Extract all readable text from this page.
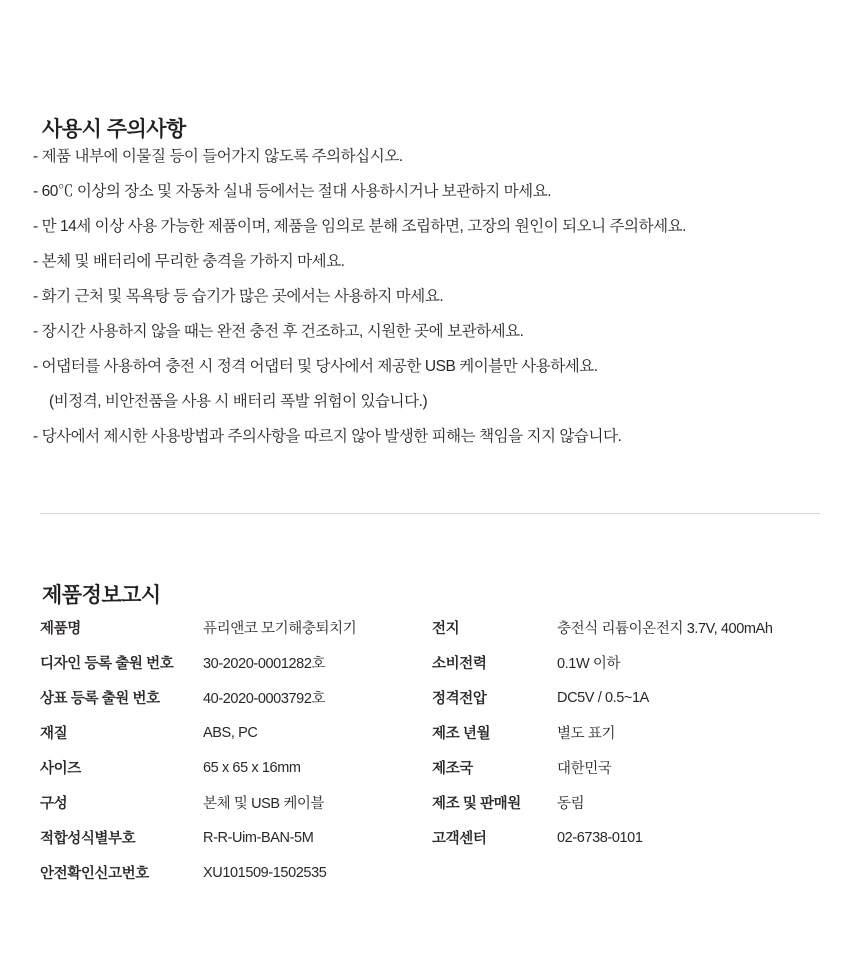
사용시 주의사항
- 제품 내부에 이물질 등이 들어가지 않도록 주의하십시오.
- 60℃ 이상의 장소 및 자동차 실내 등에서는 절대 사용하시거나 보관하지 마세요.
- 만 14세 이상 사용 가능한 제품이며, 제품을 임의로 분해 조립하면, 고장의 원인이 되오니 주의하세요.
- 본체 및 배터리에 무리한 충격을 가하지 마세요.
- 화기 근처 및 목욕탕 등 습기가 많은 곳에서는 사용하지 마세요.
- 장시간 사용하지 않을 때는 완전 충전 후 건조하고, 시원한 곳에 보관하세요.
- 어댑터를 사용하여 충전 시 정격 어댑터 및 당사에서 제공한 USB 케이블만 사용하세요.
(비정격, 비안전품을 사용 시 배터리 폭발 위험이 있습니다.)
- 당사에서 제시한 사용방법과 주의사항을 따르지 않아 발생한 피해는 책임을 지지 않습니다.
제품정보고시
제품명	퓨리앤코 모기해충퇴치기	전지	충전식 리튬이온전지 3.7V, 400mAh
디자인 등록 출원 번호	30-2020-0001282호	소비전력	0.1W 이하
상표 등록 출원 번호	40-2020-0003792호	정격전압	DC5V / 0.5~1A
재질	ABS, PC	제조 년월	별도 표기
사이즈	65 x 65 x 16mm	제조국	대한민국
구성	본체 및 USB 케이블	제조 및 판매원	동림
적합성식별부호	R-R-Uim-BAN-5M	고객센터	02-6738-0101
안전확인신고번호	XU101509-1502535		
